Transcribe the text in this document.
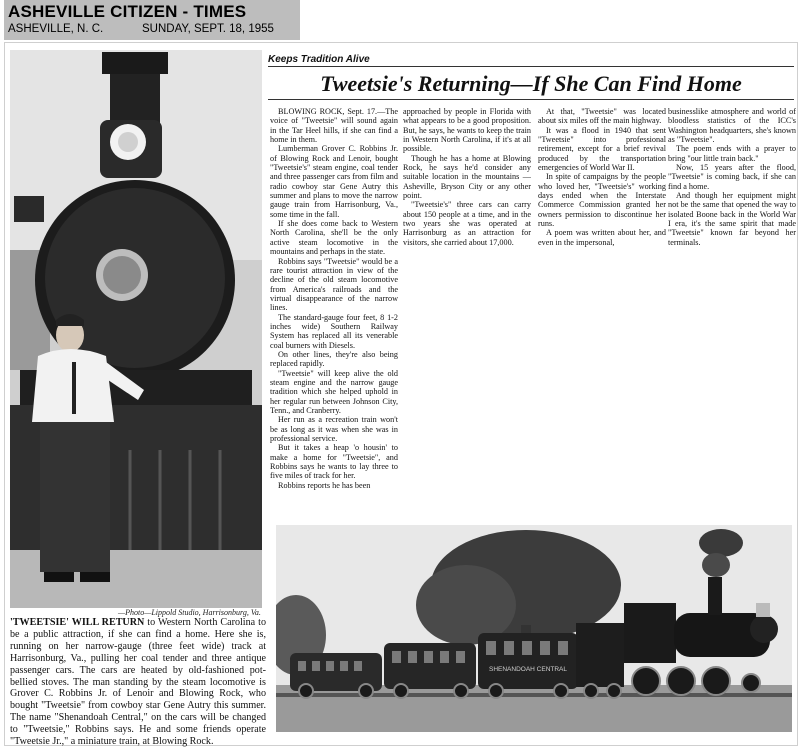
ASHEVILLE CITIZEN - TIMES
ASHEVILLE, N. C.	SUNDAY, SEPT. 18, 1955
—Photo—Lippold Studio, Harrisonburg, Va.
'TWEETSIE' WILL RETURN to Western North Carolina to be a public attraction, if she can find a home. Here she is, running on her narrow-gauge (three feet wide) track at Harrisonburg, Va., pulling her coal tender and three antique passenger cars. The cars are heated by old-fashioned pot-bellied stoves. The man standing by the steam locomotive is Grover C. Robbins Jr. of Lenoir and Blowing Rock, who bought "Tweetsie" from cowboy star Gene Autry this summer. The name "Shenandoah Central," on the cars will be changed to "Tweetsie," Robbins says. He and some friends operate "Tweetsie Jr.," a miniature train, at Blowing Rock.
Keeps Tradition Alive
Tweetsie's Returning—If She Can Find Home

BLOWING ROCK, Sept. 17.—The voice of "Tweetsie" will sound again in the Tar Heel hills, if she can find a home in them.

Lumberman Grover C. Robbins Jr. of Blowing Rock and Lenoir, bought "Tweetsie's" steam engine, coal tender and three passenger cars from film and radio cowboy star Gene Autry this summer and plans to move the narrow gauge train from Harrisonburg, Va., some time in the fall.

If she does come back to Western North Carolina, she'll be the only active steam locomotive in the mountains and perhaps in the state.

Robbins says "Tweetsie" would be a rare tourist attraction in view of the decline of the old steam locomotive from America's railroads and the virtual disappearance of the narrow lines.

The standard-gauge four feet, 8 1-2 inches wide) Southern Railway System has replaced all its venerable coal burners with Diesels.

On other lines, they're also being replaced rapidly.

"Tweetsie" will keep alive the old steam engine and the narrow gauge tradition which she helped uphold in her regular run between Johnson City, Tenn., and Cranberry.

Her run as a recreation train won't be as long as it was when she was in professional service.

But it takes a heap 'o housin' to make a home for "Tweetsie", and Robbins says he wants to lay three to five miles of track for her.

Robbins reports he has been

approached by people in Florida with what appears to be a good proposition. But, he says, he wants to keep the train in Western North Carolina, if it's at all possible.

Though he has a home at Blowing Rock, he says he'd consider any suitable location in the mountains — Asheville, Bryson City or any other point.

"Tweetsie's" three cars can carry about 150 people at a time, and in the two years she was operated at Harrisonburg as an attraction for visitors, she carried about 17,000.

At that, "Tweetsie" was located about six miles off the main highway.

It was a flood in 1940 that sent "Tweetsie" into professional retirement, except for a brief revival produced by the transportation emergencies of World War II.

In spite of campaigns by the people who loved her, "Tweetsie's" working days ended when the Interstate Commerce Commission granted her owners permission to discontinue her runs.

A poem was written about her, and even in the impersonal,

businesslike atmosphere and world of bloodless statistics of the ICC's Washington headquarters, she's known as "Tweetsie".

The poem ends with a prayer to bring "our little train back."

Now, 15 years after the flood, "Tweetsie" is coming back, if she can find a home.

And though her equipment might not be the same that opened the way to isolated Boone back in the World War I era, it's the same spirit that made "Tweetsie" known far beyond her terminals.

SHENANDOAH CENTRAL
